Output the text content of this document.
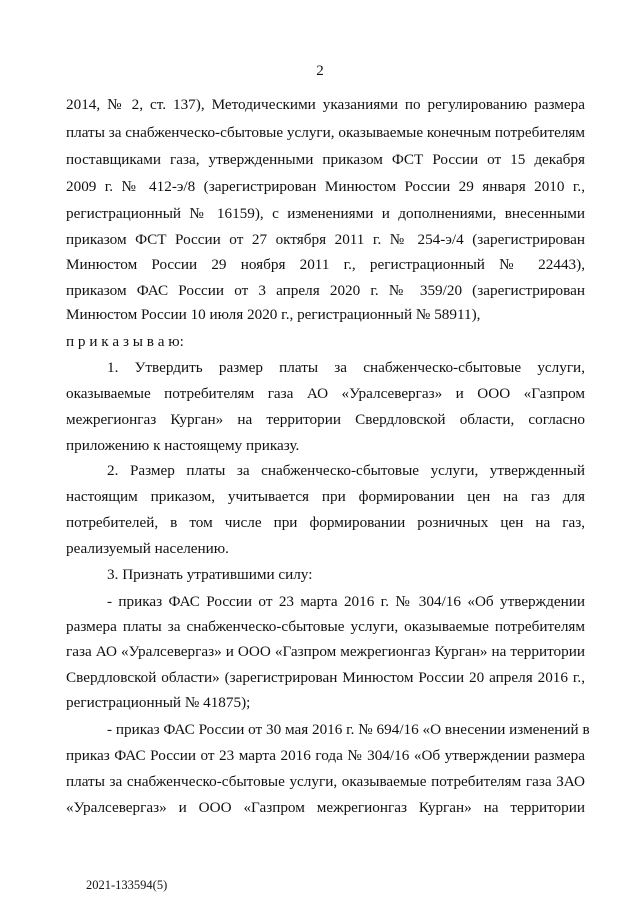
2
2014, № 2, ст. 137), Методическими указаниями по регулированию размера
платы за снабженческо-сбытовые услуги, оказываемые конечным потребителям
поставщиками газа, утвержденными приказом ФСТ России от 15 декабря
2009 г. № 412-э/8 (зарегистрирован Минюстом России 29 января 2010 г.,
регистрационный № 16159), с изменениями и дополнениями, внесенными
приказом ФСТ России от 27 октября 2011 г. № 254-э/4 (зарегистрирован
Минюстом России 29 ноября 2011 г., регистрационный № 22443),
приказом ФАС России от 3 апреля 2020 г. № 359/20 (зарегистрирован
Минюстом России 10 июля 2020 г., регистрационный № 58911),
п р и к а з ы в а ю:
1. Утвердить размер платы за снабженческо-сбытовые услуги,
оказываемые потребителям газа АО «Уралсевергаз» и ООО «Газпром
межрегионгаз Курган» на территории Свердловской области, согласно
приложению к настоящему приказу.
2. Размер платы за снабженческо-сбытовые услуги, утвержденный
настоящим приказом, учитывается при формировании цен на газ для
потребителей, в том числе при формировании розничных цен на газ,
реализуемый населению.
3. Признать утратившими силу:
- приказ ФАС России от 23 марта 2016 г. № 304/16 «Об утверждении
размера платы за снабженческо-сбытовые услуги, оказываемые потребителям
газа АО «Уралсевергаз» и ООО «Газпром межрегионгаз Курган» на территории
Свердловской области» (зарегистрирован Минюстом России 20 апреля 2016 г.,
регистрационный № 41875);
- приказ ФАС России от 30 мая 2016 г. № 694/16 «О внесении изменений в
приказ ФАС России от 23 марта 2016 года № 304/16 «Об утверждении размера
платы за снабженческо-сбытовые услуги, оказываемые потребителям газа ЗАО
«Уралсевергаз» и ООО «Газпром межрегионгаз Курган» на территории
2021-133594(5)
